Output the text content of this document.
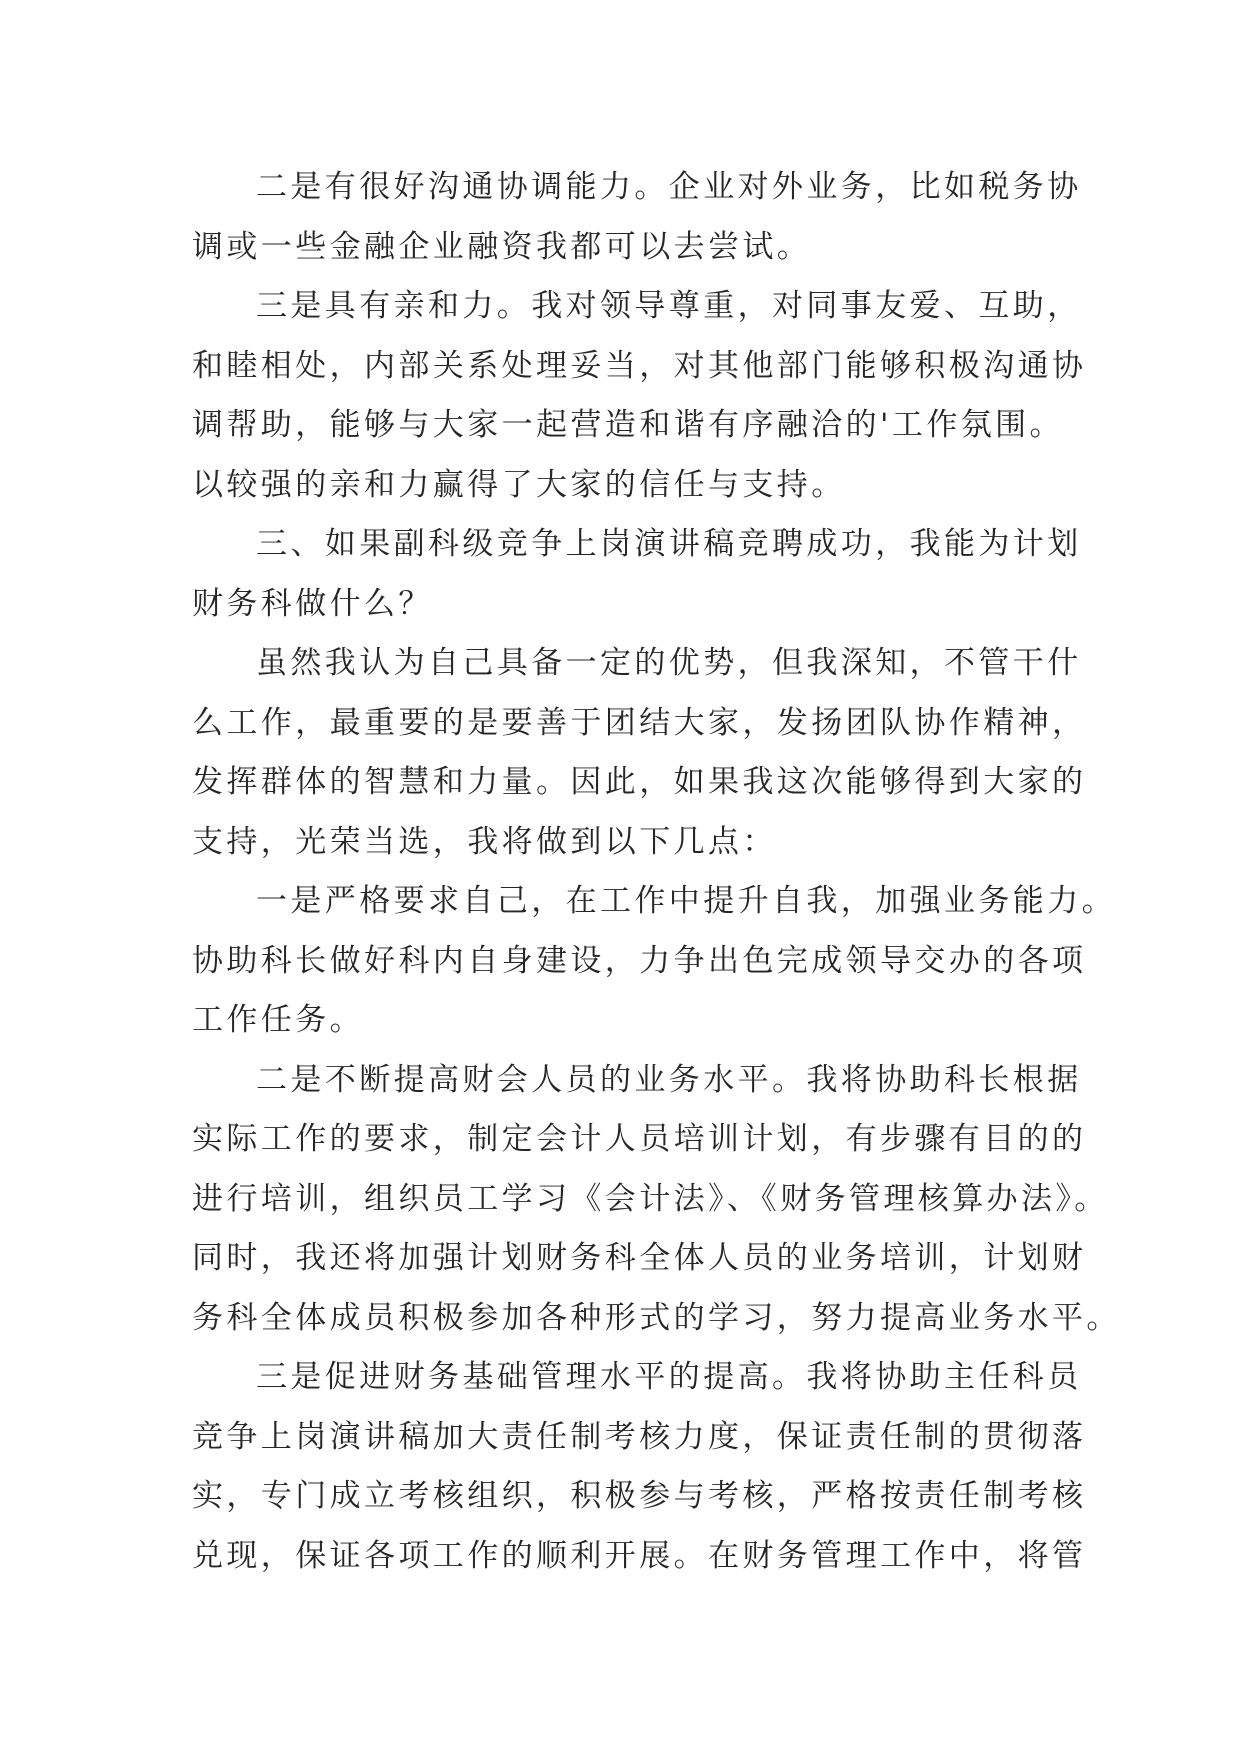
二是有很好沟通协调能力。企业对外业务，比如税务协
调或一些金融企业融资我都可以去尝试。
三是具有亲和力。我对领导尊重，对同事友爱、互助，
和睦相处，内部关系处理妥当，对其他部门能够积极沟通协
调帮助，能够与大家一起营造和谐有序融洽的'工作氛围。
以较强的亲和力赢得了大家的信任与支持。
三、如果副科级竞争上岗演讲稿竞聘成功，我能为计划
财务科做什么？
虽然我认为自己具备一定的优势，但我深知，不管干什
么工作，最重要的是要善于团结大家，发扬团队协作精神，
发挥群体的智慧和力量。因此，如果我这次能够得到大家的
支持，光荣当选，我将做到以下几点：
一是严格要求自己，在工作中提升自我，加强业务能力。
协助科长做好科内自身建设，力争出色完成领导交办的各项
工作任务。
二是不断提高财会人员的业务水平。我将协助科长根据
实际工作的要求，制定会计人员培训计划，有步骤有目的的
进行培训，组织员工学习《会计法》、《财务管理核算办法》。
同时，我还将加强计划财务科全体人员的业务培训，计划财
务科全体成员积极参加各种形式的学习，努力提高业务水平。
三是促进财务基础管理水平的提高。我将协助主任科员
竞争上岗演讲稿加大责任制考核力度，保证责任制的贯彻落
实，专门成立考核组织，积极参与考核，严格按责任制考核
兑现，保证各项工作的顺利开展。在财务管理工作中，将管
